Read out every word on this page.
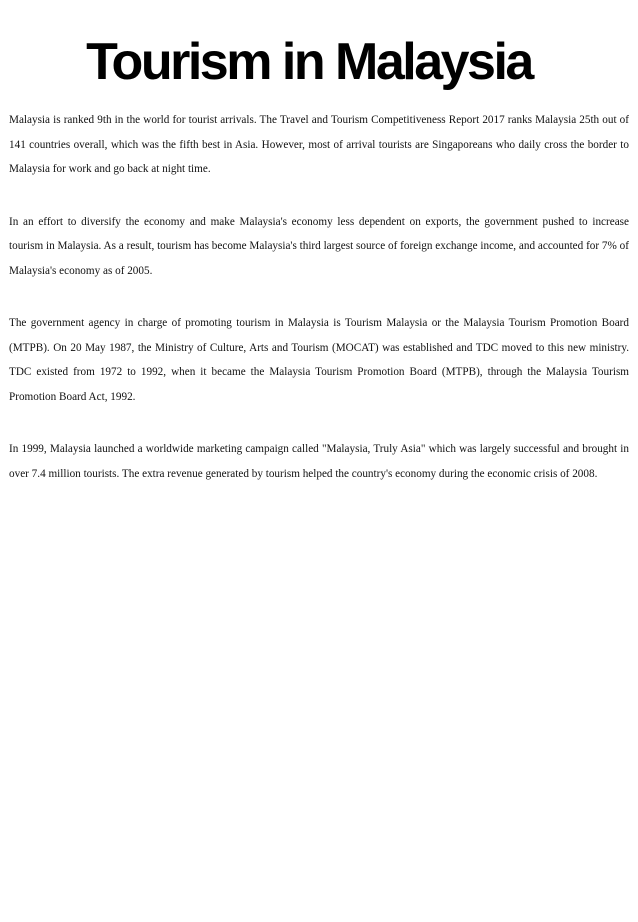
Tourism in Malaysia

Malaysia is ranked 9th in the world for tourist arrivals. The Travel and Tourism Competitiveness Report 2017 ranks Malaysia 25th out of 141 countries overall, which was the fifth best in Asia. However, most of arrival tourists are Singaporeans who daily cross the border to Malaysia for work and go back at night time.

In an effort to diversify the economy and make Malaysia's economy less dependent on exports, the government pushed to increase tourism in Malaysia. As a result, tourism has become Malaysia's third largest source of foreign exchange income, and accounted for 7% of Malaysia's economy as of 2005.

The government agency in charge of promoting tourism in Malaysia is Tourism Malaysia or the Malaysia Tourism Promotion Board (MTPB). On 20 May 1987, the Ministry of Culture, Arts and Tourism (MOCAT) was established and TDC moved to this new ministry. TDC existed from 1972 to 1992, when it became the Malaysia Tourism Promotion Board (MTPB), through the Malaysia Tourism Promotion Board Act, 1992.

In 1999, Malaysia launched a worldwide marketing campaign called "Malaysia, Truly Asia" which was largely successful and brought in over 7.4 million tourists. The extra revenue generated by tourism helped the country's economy during the economic crisis of 2008.
